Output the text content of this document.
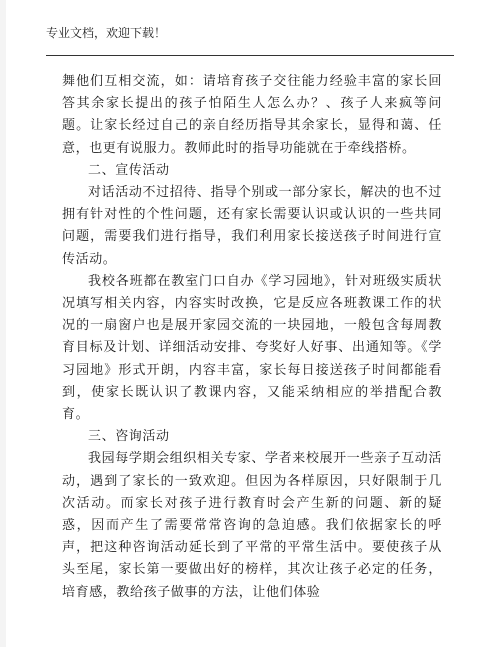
专业文档，欢迎下载！

舞他们互相交流，如：请培育孩子交往能力经验丰富的家长回答其余家长提出的孩子怕陌生人怎么办？、孩子人来疯等问题。让家长经过自己的亲自经历指导其余家长，显得和蔼、任意，也更有说服力。教师此时的指导功能就在于牵线搭桥。

二、宣传活动

对话活动不过招待、指导个别或一部分家长，解决的也不过拥有针对性的个性问题，还有家长需要认识或认识的一些共同问题，需要我们进行指导，我们利用家长接送孩子时间进行宣传活动。

我校各班都在教室门口自办《学习园地》，针对班级实质状况填写相关内容，内容实时改换，它是反应各班教课工作的状况的一扇窗户也是展开家园交流的一块园地，一般包含每周教育目标及计划、详细活动安排、夸奖好人好事、出通知等。《学习园地》形式开朗，内容丰富，家长每日接送孩子时间都能看到，使家长既认识了教课内容，又能采纳相应的举措配合教育。

三、咨询活动

我园每学期会组织相关专家、学者来校展开一些亲子互动活动，遇到了家长的一致欢迎。但因为各样原因，只好限制于几次活动。而家长对孩子进行教育时会产生新的问题、新的疑惑，因而产生了需要常常咨询的急迫感。我们依据家长的呼声，把这种咨询活动延长到了平常的平常生活中。要使孩子从头至尾，家长第一要做出好的榜样，其次让孩子必定的任务，培育感，教给孩子做事的方法，让他们体验
